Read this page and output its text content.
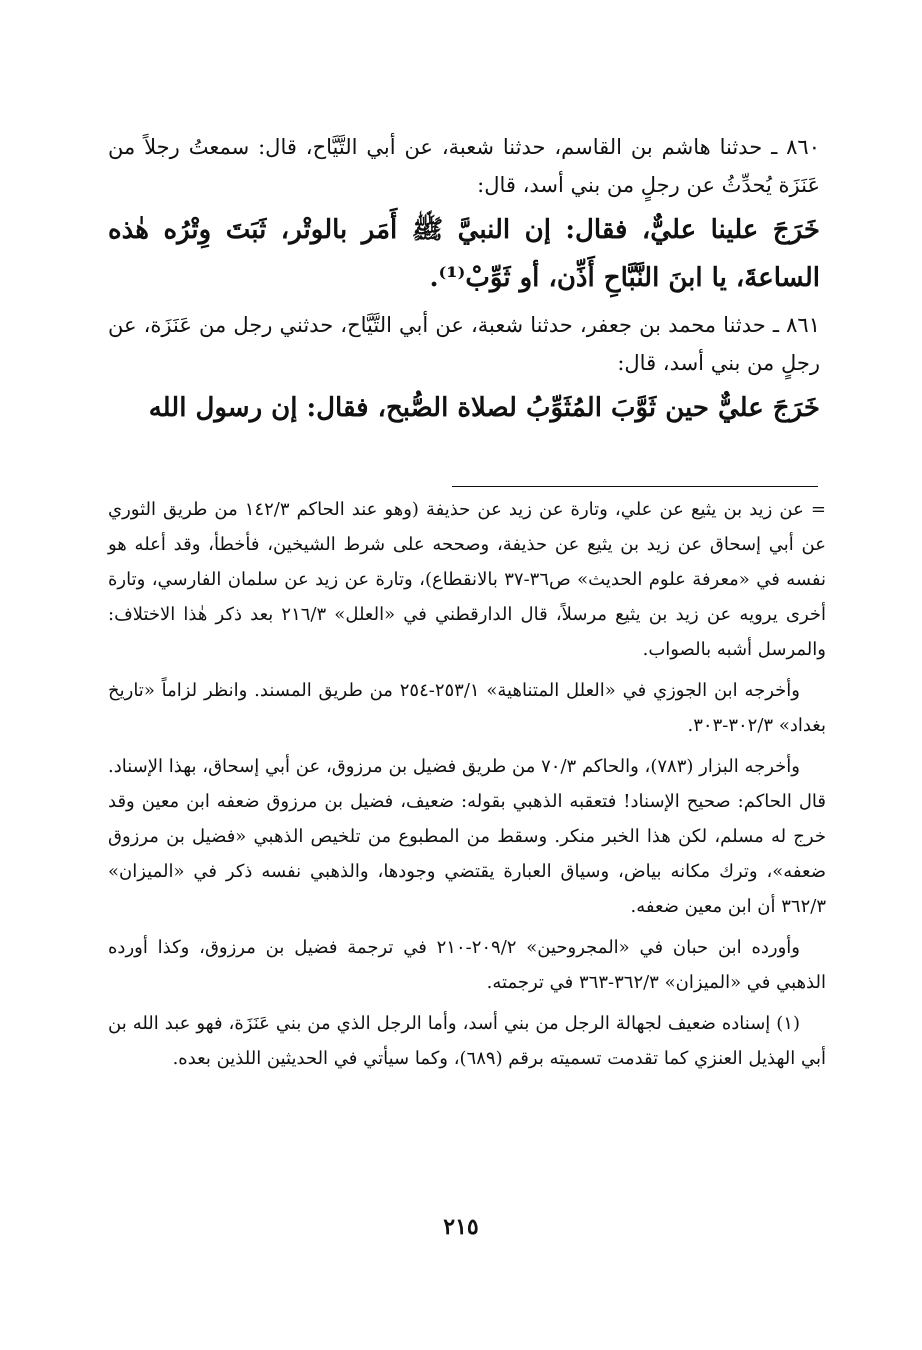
٨٦٠ ـ حدثنا هاشم بن القاسم، حدثنا شعبة، عن أبي التَّيَّاح، قال: سمعتُ رجلاً من عَنَزَة يُحدِّثُ عن رجلٍ من بني أسد، قال:

خَرَجَ علينا عليٌّ، فقال: إن النبيَّ ﷺ أَمَر بالوتْر، ثَبَتَ وِتْرُه هٰذه الساعةَ، يا ابنَ النَّبَّاحِ أَذِّن، أو ثَوِّبْ⁽¹⁾.

٨٦١ ـ حدثنا محمد بن جعفر، حدثنا شعبة، عن أبي التَّيَّاح، حدثني رجل من عَنَزَة، عن رجلٍ من بني أسد، قال:

خَرَجَ عليٌّ حين ثَوَّبَ المُثَوِّبُ لصلاة الصُّبح، فقال: إن رسول الله

= عن زيد بن يثيع عن علي، وتارة عن زيد عن حذيفة (وهو عند الحاكم ١٤٢/٣ من طريق الثوري عن أبي إسحاق عن زيد بن يثيع عن حذيفة، وصححه على شرط الشيخين، فأخطأ، وقد أعله هو نفسه في «معرفة علوم الحديث» ص٣٦-٣٧ بالانقطاع)، وتارة عن زيد عن سلمان الفارسي، وتارة أخرى يرويه عن زيد بن يثيع مرسلاً، قال الدارقطني في «العلل» ٢١٦/٣ بعد ذكر هٰذا الاختلاف: والمرسل أشبه بالصواب.

وأخرجه ابن الجوزي في «العلل المتناهية» ٢٥٣/١-٢٥٤ من طريق المسند. وانظر لزاماً «تاريخ بغداد» ٣٠٢/٣-٣٠٣.

وأخرجه البزار (٧٨٣)، والحاكم ٧٠/٣ من طريق فضيل بن مرزوق، عن أبي إسحاق، بهذا الإسناد. قال الحاكم: صحيح الإسناد! فتعقبه الذهبي بقوله: ضعيف، فضيل بن مرزوق ضعفه ابن معين وقد خرج له مسلم، لكن هذا الخبر منكر. وسقط من المطبوع من تلخيص الذهبي «فضيل بن مرزوق ضعفه»، وترك مكانه بياض، وسياق العبارة يقتضي وجودها، والذهبي نفسه ذكر في «الميزان» ٣٦٢/٣ أن ابن معين ضعفه.

وأورده ابن حبان في «المجروحين» ٢٠٩/٢-٢١٠ في ترجمة فضيل بن مرزوق، وكذا أورده الذهبي في «الميزان» ٣٦٢/٣-٣٦٣ في ترجمته.

(١) إسناده ضعيف لجهالة الرجل من بني أسد، وأما الرجل الذي من بني عَنَزَة، فهو عبد الله بن أبي الهذيل العنزي كما تقدمت تسميته برقم (٦٨٩)، وكما سيأتي في الحديثين اللذين بعده.

٢١٥
